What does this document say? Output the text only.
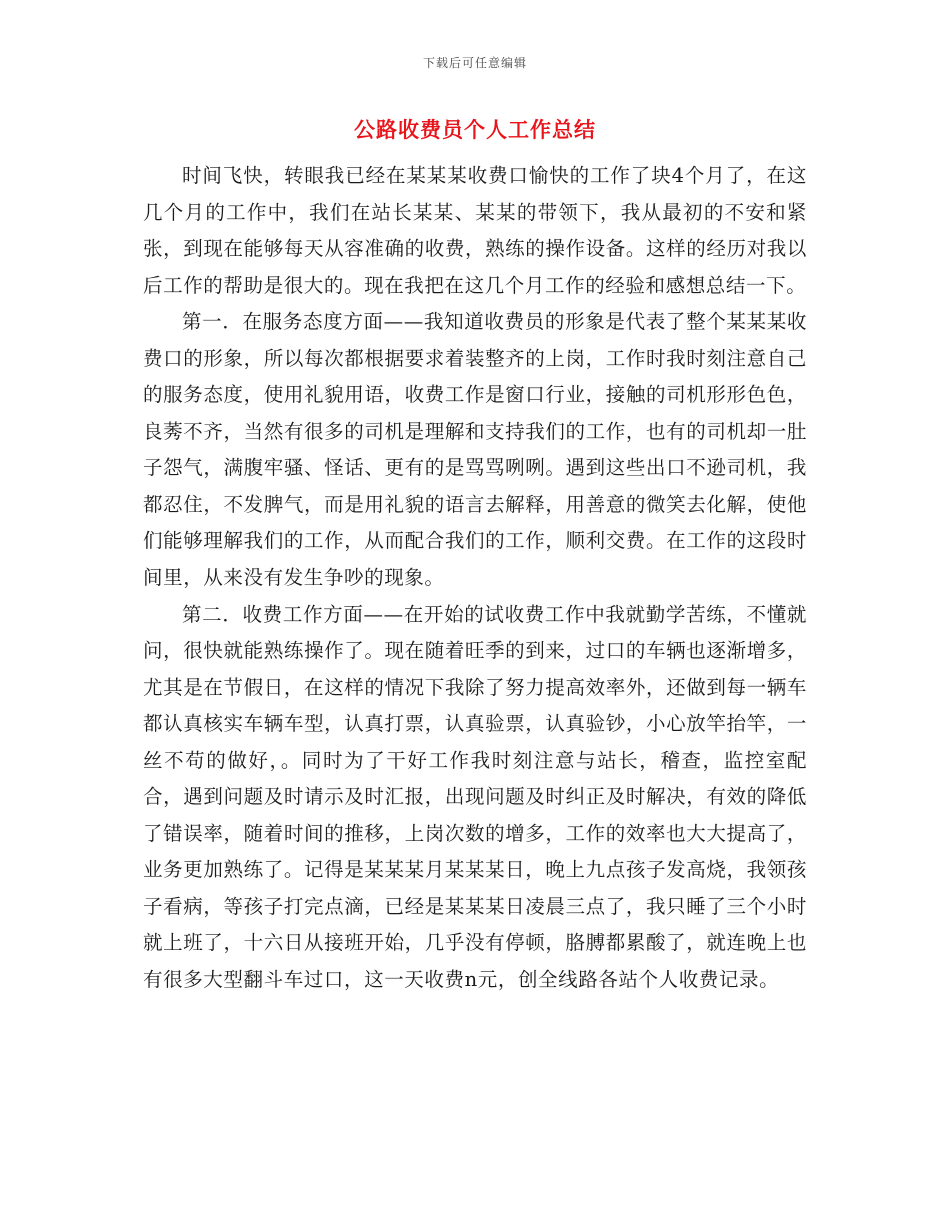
下载后可任意编辑
公路收费员个人工作总结

时间飞快，转眼我已经在某某某收费口愉快的工作了块4个月了，在这几个月的工作中，我们在站长某某、某某的带领下，我从最初的不安和紧张，到现在能够每天从容准确的收费，熟练的操作设备。这样的经历对我以后工作的帮助是很大的。现在我把在这几个月工作的经验和感想总结一下。

第一．在服务态度方面——我知道收费员的形象是代表了整个某某某收费口的形象，所以每次都根据要求着装整齐的上岗，工作时我时刻注意自己的服务态度，使用礼貌用语，收费工作是窗口行业，接触的司机形形色色，良莠不齐，当然有很多的司机是理解和支持我们的工作，也有的司机却一肚子怨气，满腹牢骚、怪话、更有的是骂骂咧咧。遇到这些出口不逊司机，我都忍住，不发脾气，而是用礼貌的语言去解释，用善意的微笑去化解，使他们能够理解我们的工作，从而配合我们的工作，顺利交费。在工作的这段时间里，从来没有发生争吵的现象。

第二．收费工作方面——在开始的试收费工作中我就勤学苦练，不懂就问，很快就能熟练操作了。现在随着旺季的到来，过口的车辆也逐渐增多，尤其是在节假日，在这样的情况下我除了努力提高效率外，还做到每一辆车都认真核实车辆车型，认真打票，认真验票，认真验钞，小心放竿抬竿，一丝不苟的做好，。同时为了干好工作我时刻注意与站长，稽查，监控室配合，遇到问题及时请示及时汇报，出现问题及时纠正及时解决，有效的降低了错误率，随着时间的推移，上岗次数的增多，工作的效率也大大提高了，业务更加熟练了。记得是某某某月某某某日，晚上九点孩子发高烧，我领孩子看病，等孩子打完点滴，已经是某某某日凌晨三点了，我只睡了三个小时就上班了，十六日从接班开始，几乎没有停顿，胳膊都累酸了，就连晚上也有很多大型翻斗车过口，这一天收费n元，创全线路各站个人收费记录。
